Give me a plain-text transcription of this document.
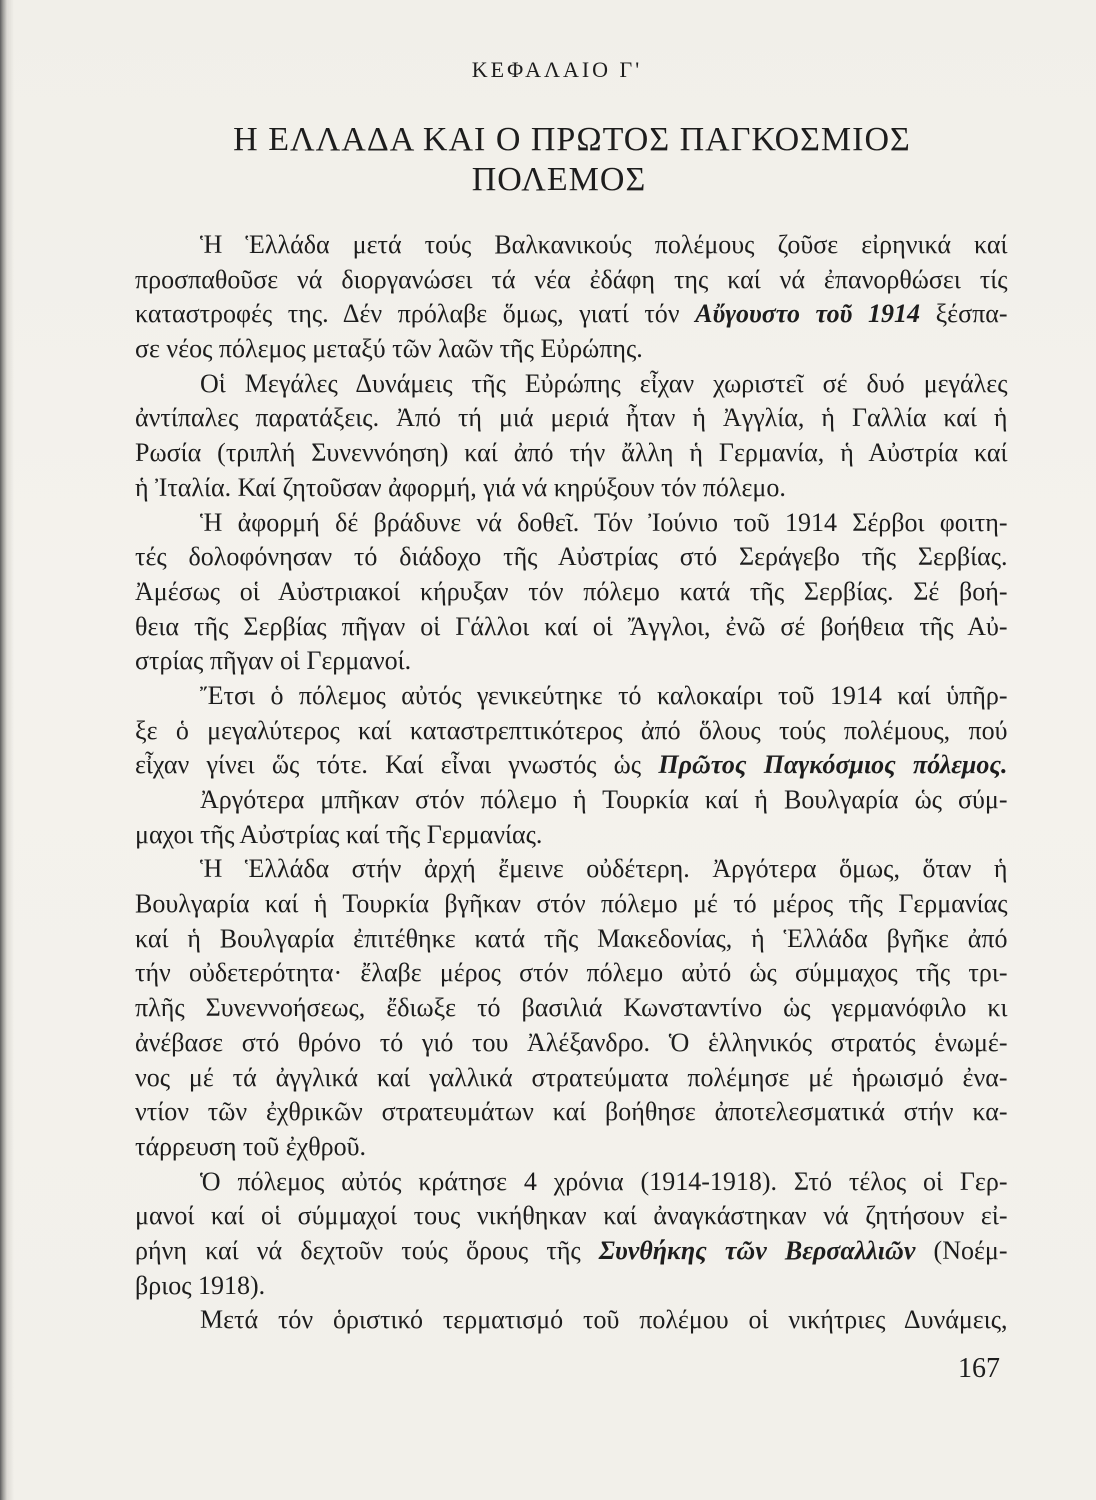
ΚΕΦΑΛΑΙΟ Γ'
Η ΕΛΛΑΔΑ ΚΑΙ Ο ΠΡΩΤΟΣ ΠΑΓΚΟΣΜΙΟΣ
ΠΟΛΕΜΟΣ
Ἡ Ἑλλάδα μετά τούς Βαλκανικούς πολέμους ζοῦσε εἰρηνικά καί
προσπαθοῦσε νά διοργανώσει τά νέα ἐδάφη της καί νά ἐπανορθώσει τίς
καταστροφές της. Δέν πρόλαβε ὅμως, γιατί τόν Αὔγουστο τοῦ 1914 ξέσπα-
σε νέος πόλεμος μεταξύ τῶν λαῶν τῆς Εὐρώπης.
Οἱ Μεγάλες Δυνάμεις τῆς Εὐρώπης εἶχαν χωριστεῖ σέ δυό μεγάλες
ἀντίπαλες παρατάξεις. Ἀπό τή μιά μεριά ἦταν ἡ Ἀγγλία, ἡ Γαλλία καί ἡ
Ρωσία (τριπλή Συνεννόηση) καί ἀπό τήν ἄλλη ἡ Γερμανία, ἡ Αὐστρία καί
ἡ Ἰταλία. Καί ζητοῦσαν ἀφορμή, γιά νά κηρύξουν τόν πόλεμο.
Ἡ ἀφορμή δέ βράδυνε νά δοθεῖ. Τόν Ἰούνιο τοῦ 1914 Σέρβοι φοιτη-
τές δολοφόνησαν τό διάδοχο τῆς Αὐστρίας στό Σεράγεβο τῆς Σερβίας.
Ἀμέσως οἱ Αὐστριακοί κήρυξαν τόν πόλεμο κατά τῆς Σερβίας. Σέ βοή-
θεια τῆς Σερβίας πῆγαν οἱ Γάλλοι καί οἱ Ἄγγλοι, ἐνῶ σέ βοήθεια τῆς Αὐ-
στρίας πῆγαν οἱ Γερμανοί.
Ἔτσι ὁ πόλεμος αὐτός γενικεύτηκε τό καλοκαίρι τοῦ 1914 καί ὑπῆρ-
ξε ὁ μεγαλύτερος καί καταστρεπτικότερος ἀπό ὅλους τούς πολέμους, πού
εἶχαν γίνει ὥς τότε. Καί εἶναι γνωστός ὡς Πρῶτος Παγκόσμιος πόλεμος.
Ἀργότερα μπῆκαν στόν πόλεμο ἡ Τουρκία καί ἡ Βουλγαρία ὡς σύμ-
μαχοι τῆς Αὐστρίας καί τῆς Γερμανίας.
Ἡ Ἑλλάδα στήν ἀρχή ἔμεινε οὐδέτερη. Ἀργότερα ὅμως, ὅταν ἡ
Βουλγαρία καί ἡ Τουρκία βγῆκαν στόν πόλεμο μέ τό μέρος τῆς Γερμανίας
καί ἡ Βουλγαρία ἐπιτέθηκε κατά τῆς Μακεδονίας, ἡ Ἑλλάδα βγῆκε ἀπό
τήν οὐδετερότητα· ἔλαβε μέρος στόν πόλεμο αὐτό ὡς σύμμαχος τῆς τρι-
πλῆς Συνεννοήσεως, ἔδιωξε τό βασιλιά Κωνσταντίνο ὡς γερμανόφιλο κι
ἀνέβασε στό θρόνο τό γιό του Ἀλέξανδρο. Ὁ ἑλληνικός στρατός ἑνωμέ-
νος μέ τά ἀγγλικά καί γαλλικά στρατεύματα πολέμησε μέ ἡρωισμό ἐνα-
ντίον τῶν ἐχθρικῶν στρατευμάτων καί βοήθησε ἀποτελεσματικά στήν κα-
τάρρευση τοῦ ἐχθροῦ.
Ὁ πόλεμος αὐτός κράτησε 4 χρόνια (1914-1918). Στό τέλος οἱ Γερ-
μανοί καί οἱ σύμμαχοί τους νικήθηκαν καί ἀναγκάστηκαν νά ζητήσουν εἰ-
ρήνη καί νά δεχτοῦν τούς ὅρους τῆς Συνθήκης τῶν Βερσαλλιῶν (Νοέμ-
βριος 1918).
Μετά τόν ὁριστικό τερματισμό τοῦ πολέμου οἱ νικήτριες Δυνάμεις,
167
